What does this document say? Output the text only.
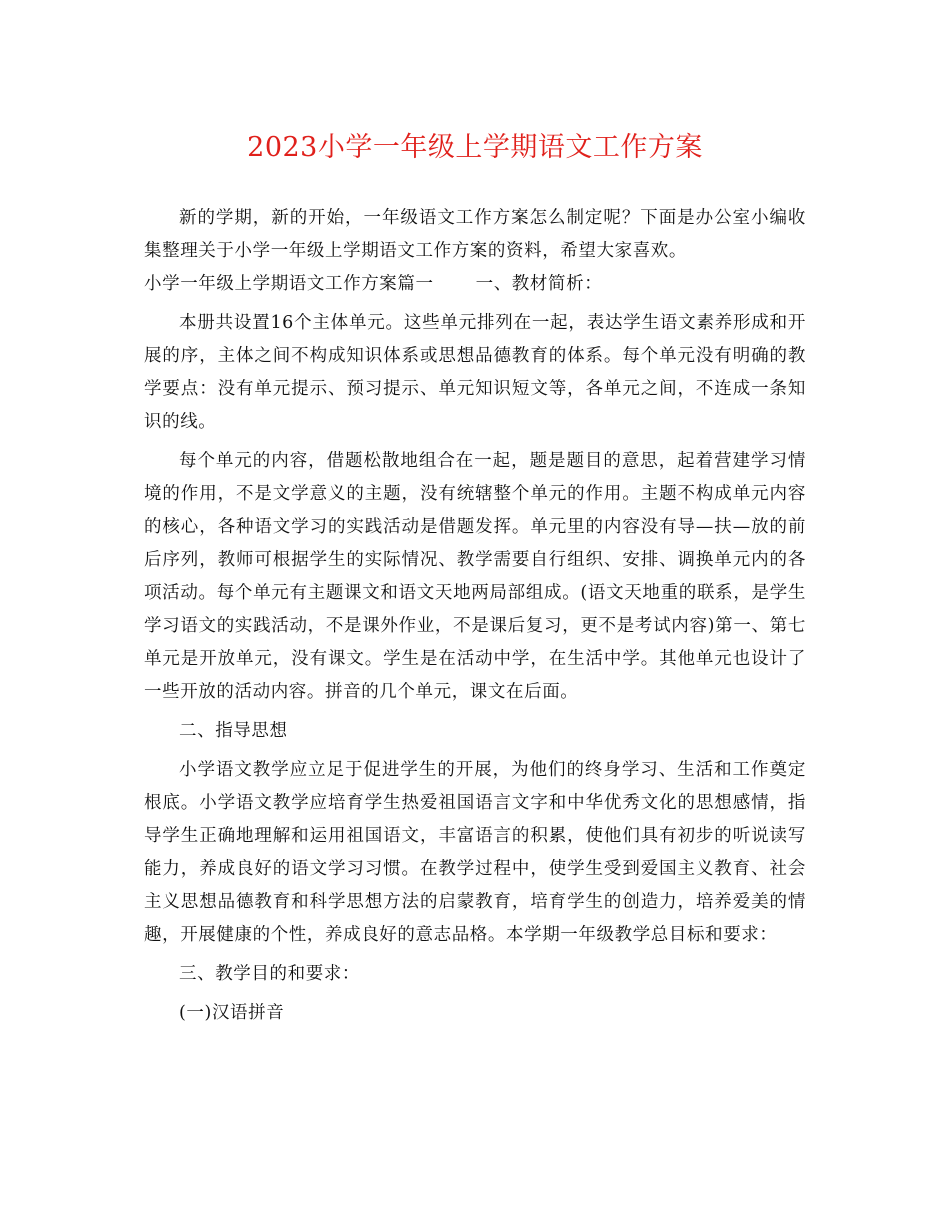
2023小学一年级上学期语文工作方案

新的学期，新的开始，一年级语文工作方案怎么制定呢？下面是办公室小编收集整理关于小学一年级上学期语文工作方案的资料，希望大家喜欢。

小学一年级上学期语文工作方案篇一 一、教材简析：

本册共设置16个主体单元。这些单元排列在一起，表达学生语文素养形成和开展的序，主体之间不构成知识体系或思想品德教育的体系。每个单元没有明确的教学要点：没有单元提示、预习提示、单元知识短文等，各单元之间，不连成一条知识的线。

每个单元的内容，借题松散地组合在一起，题是题目的意思，起着营建学习情境的作用，不是文学意义的主题，没有统辖整个单元的作用。主题不构成单元内容的核心，各种语文学习的实践活动是借题发挥。单元里的内容没有导—扶—放的前后序列，教师可根据学生的实际情况、教学需要自行组织、安排、调换单元内的各项活动。每个单元有主题课文和语文天地两局部组成。(语文天地重的联系，是学生学习语文的实践活动，不是课外作业，不是课后复习，更不是考试内容)第一、第七单元是开放单元，没有课文。学生是在活动中学，在生活中学。其他单元也设计了一些开放的活动内容。拼音的几个单元，课文在后面。

二、指导思想

小学语文教学应立足于促进学生的开展，为他们的终身学习、生活和工作奠定根底。小学语文教学应培育学生热爱祖国语言文字和中华优秀文化的思想感情，指导学生正确地理解和运用祖国语文，丰富语言的积累，使他们具有初步的听说读写能力，养成良好的语文学习习惯。在教学过程中，使学生受到爱国主义教育、社会主义思想品德教育和科学思想方法的启蒙教育，培育学生的创造力，培养爱美的情趣，开展健康的个性，养成良好的意志品格。本学期一年级教学总目标和要求：

三、教学目的和要求：

(一)汉语拼音
